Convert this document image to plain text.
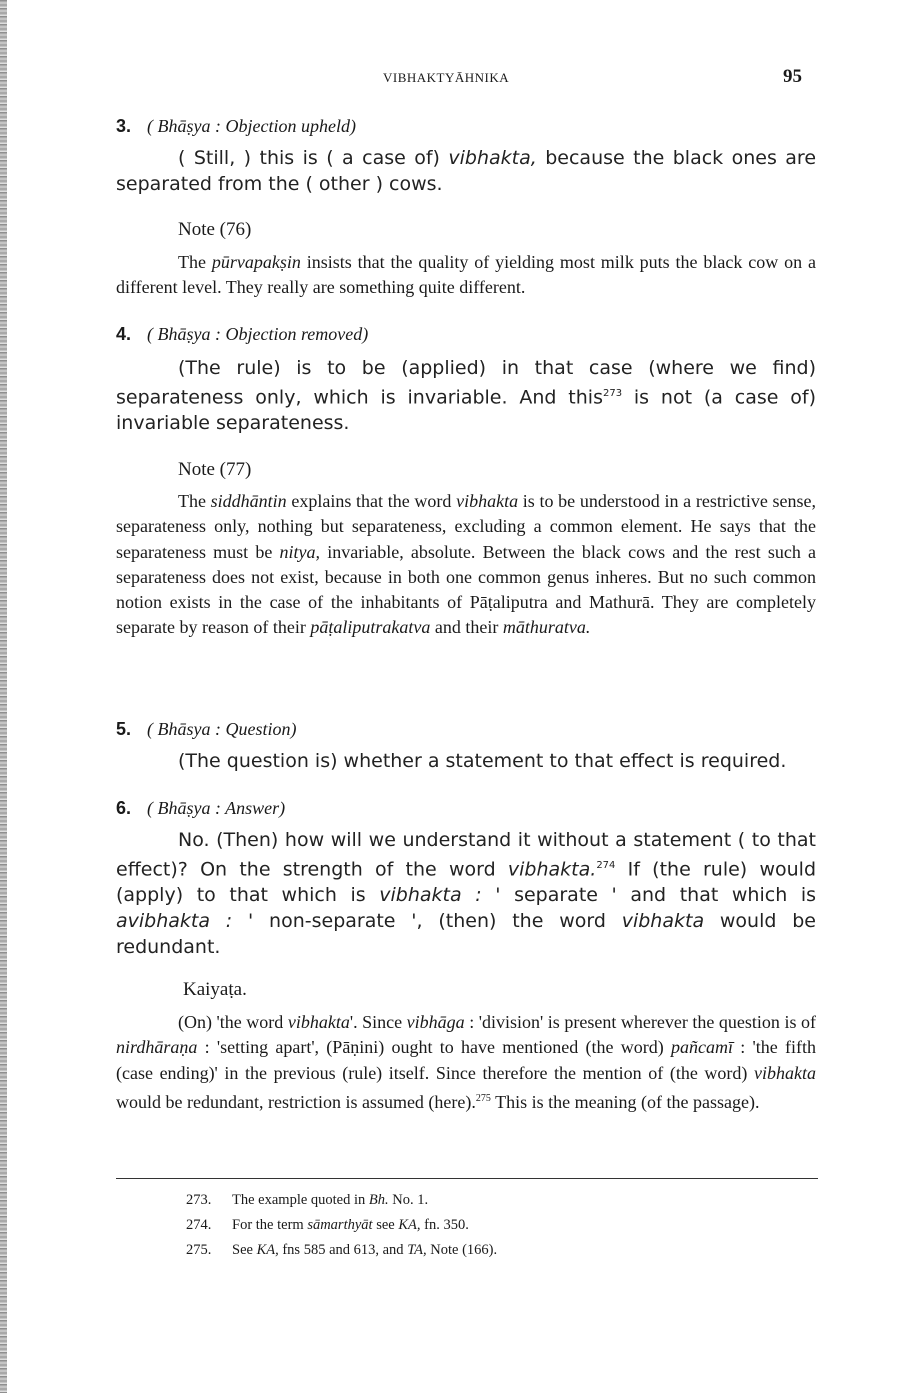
VIBHAKTYĀHNIKA	95
3. ( Bhāṣya : Objection upheld)

( Still, ) this is ( a case of) vibhakta, because the black ones are separated from the ( other ) cows.

Note (76)

The pūrvapakṣin insists that the quality of yielding most milk puts the black cow on a different level. They really are something quite different.

4. ( Bhāṣya : Objection removed)

(The rule) is to be (applied) in that case (where we find) separateness only, which is invariable. And this$^{273}$ is not (a case of) invariable separateness.

Note (77)

The siddhāntin explains that the word vibhakta is to be understood in a restrictive sense, separateness only, nothing but separateness, excluding a common element. He says that the separateness must be nitya, invariable, absolute. Between the black cows and the rest such a separateness does not exist, because in both one common genus inheres. But no such common notion exists in the case of the inhabitants of Pāṭaliputra and Mathurā. They are completely separate by reason of their pāṭaliputrakatva and their māthuratva.

5. ( Bhāsya : Question)

(The question is) whether a statement to that effect is required.

6. ( Bhāṣya : Answer)

No. (Then) how will we understand it without a statement ( to that effect)? On the strength of the word vibhakta.$^{274}$ If (the rule) would (apply) to that which is vibhakta : ' separate ' and that which is avibhakta : ' non-separate ', (then) the word vibhakta would be redundant.

Kaiyaṭa.

(On) 'the word vibhakta'. Since vibhāga : 'division' is present wherever the question is of nirdhāraṇa : 'setting apart', (Pāṇini) ought to have mentioned (the word) pañcamī : 'the fifth (case ending)' in the previous (rule) itself. Since therefore the mention of (the word) vibhakta would be redundant, restriction is assumed (here).$^{275}$ This is the meaning (of the passage).

273. The example quoted in Bh. No. 1.
274. For the term sāmarthyāt see KA, fn. 350.
275. See KA, fns 585 and 613, and TA, Note (166).
